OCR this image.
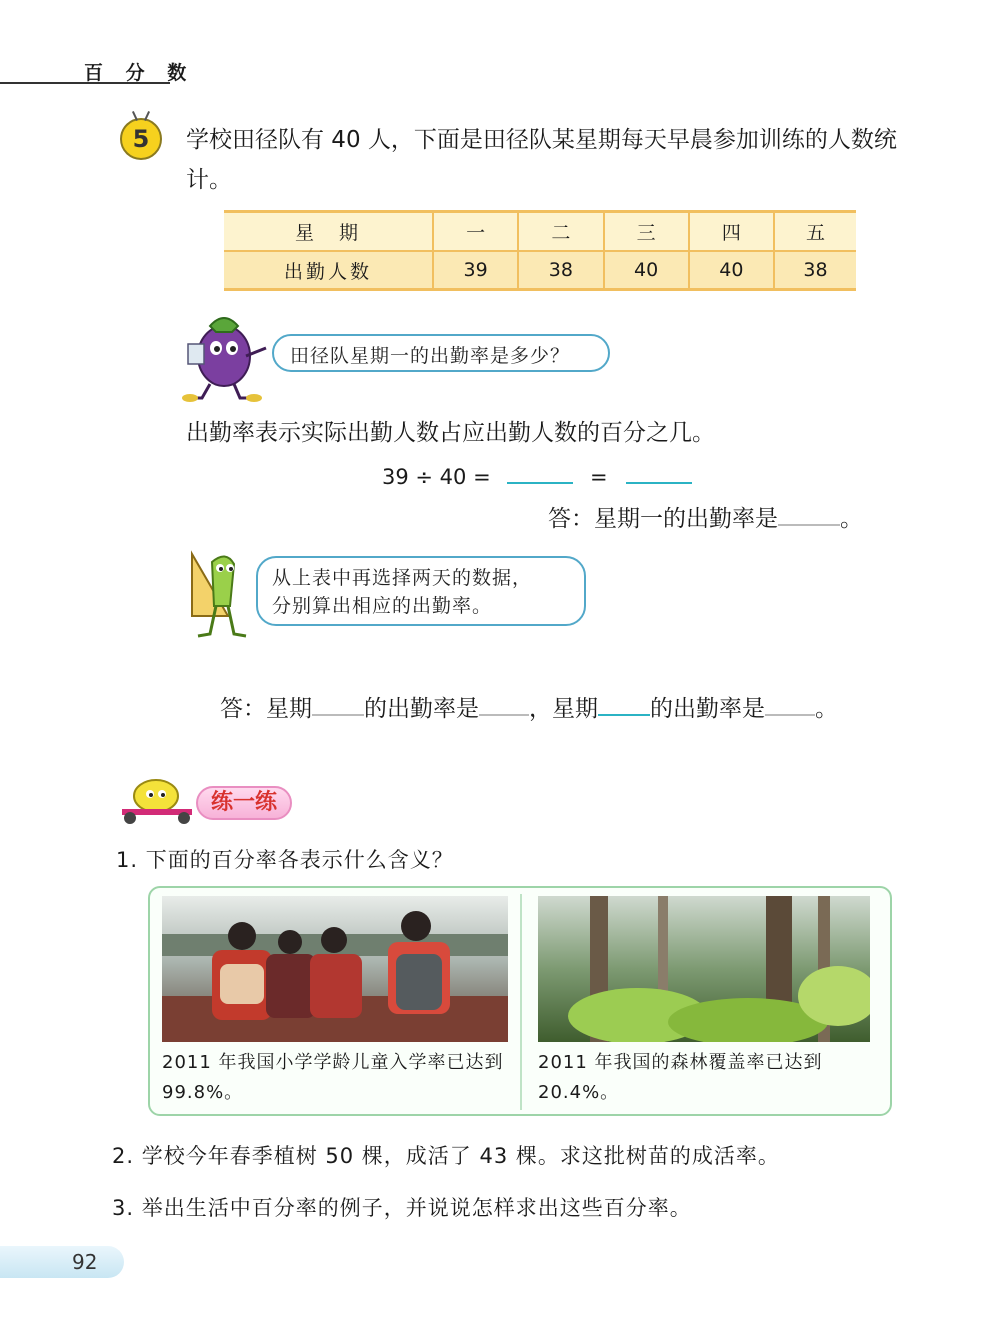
百 分 数
5	学校田径队有 40 人，下面是田径队某星期每天早晨参加训练的人数统计。
星　期	一	二	三	四	五
出勤人数	39	38	40	40	38
田径队星期一的出勤率是多少？
出勤率表示实际出勤人数占应出勤人数的百分之几。
39 ÷ 40 =	=
答：星期一的出勤率是	。
从上表中再选择两天的数据，
分别算出相应的出勤率。
答：星期 的出勤率是 ，星期 的出勤率是 。
练一练
1. 下面的百分率各表示什么含义？
2011 年我国小学学龄儿童入学率已达到 99.8%。
2011 年我国的森林覆盖率已达到 20.4%。
2. 学校今年春季植树 50 棵，成活了 43 棵。求这批树苗的成活率。
3. 举出生活中百分率的例子，并说说怎样求出这些百分率。
92
